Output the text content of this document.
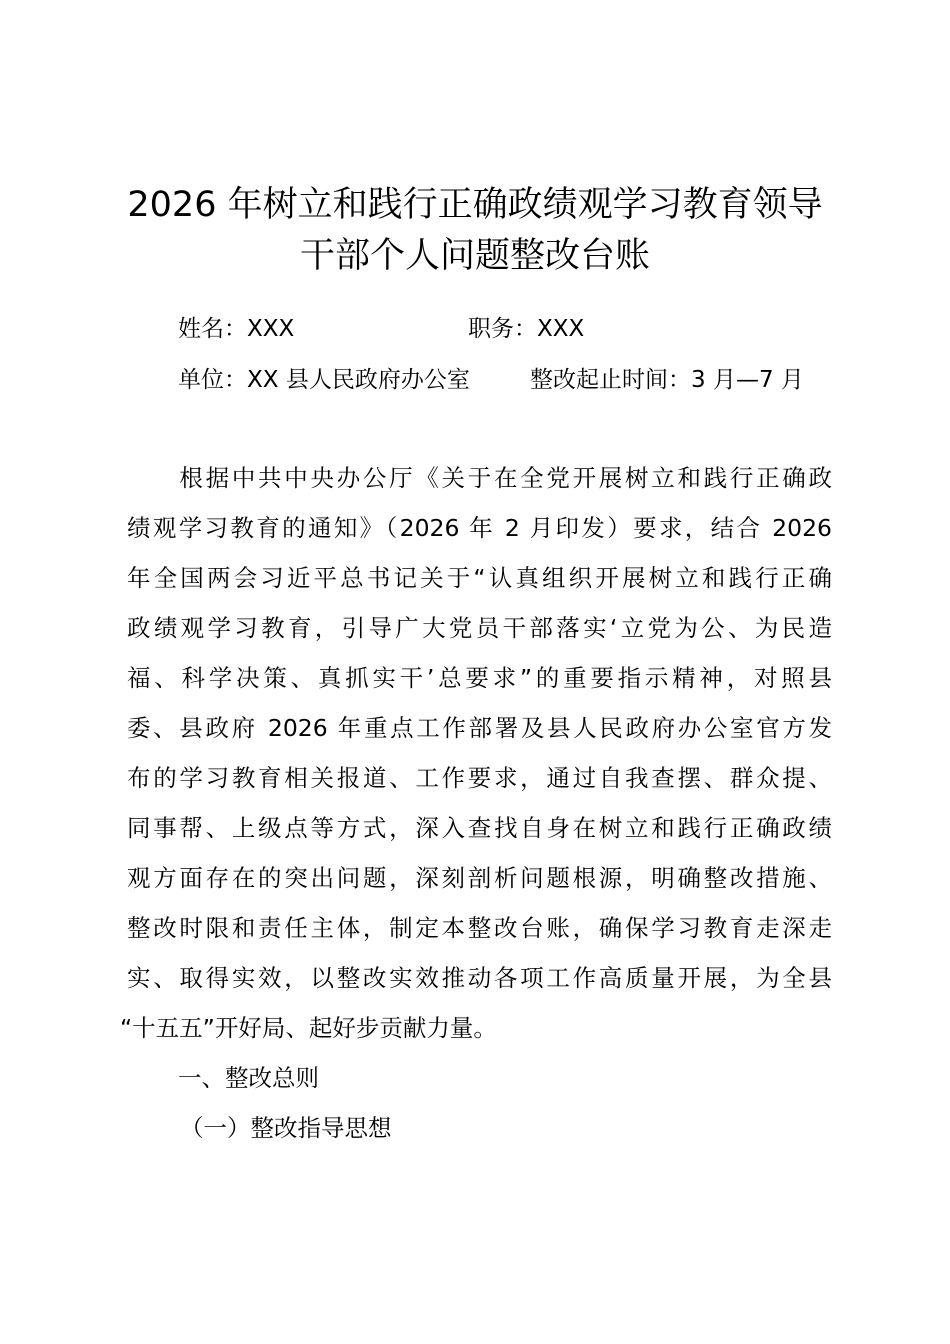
2026 年树立和践行正确政绩观学习教育领导
干部个人问题整改台账
姓名：XXX	职务：XXX
单位：XX 县人民政府办公室	整改起止时间：3 月—7 月
　　根据中共中央办公厅《关于在全党开展树立和践行正确政
绩观学习教育的通知》（2026 年 2 月印发）要求，结合 2026
年全国两会习近平总书记关于“认真组织开展树立和践行正确
政绩观学习教育，引导广大党员干部落实‘立党为公、为民造
福、科学决策、真抓实干’总要求”的重要指示精神，对照县
委、县政府 2026 年重点工作部署及县人民政府办公室官方发
布的学习教育相关报道、工作要求，通过自我查摆、群众提、
同事帮、上级点等方式，深入查找自身在树立和践行正确政绩
观方面存在的突出问题，深刻剖析问题根源，明确整改措施、
整改时限和责任主体，制定本整改台账，确保学习教育走深走
实、取得实效，以整改实效推动各项工作高质量开展，为全县
“十五五”开好局、起好步贡献力量。
一、整改总则
（一）整改指导思想
